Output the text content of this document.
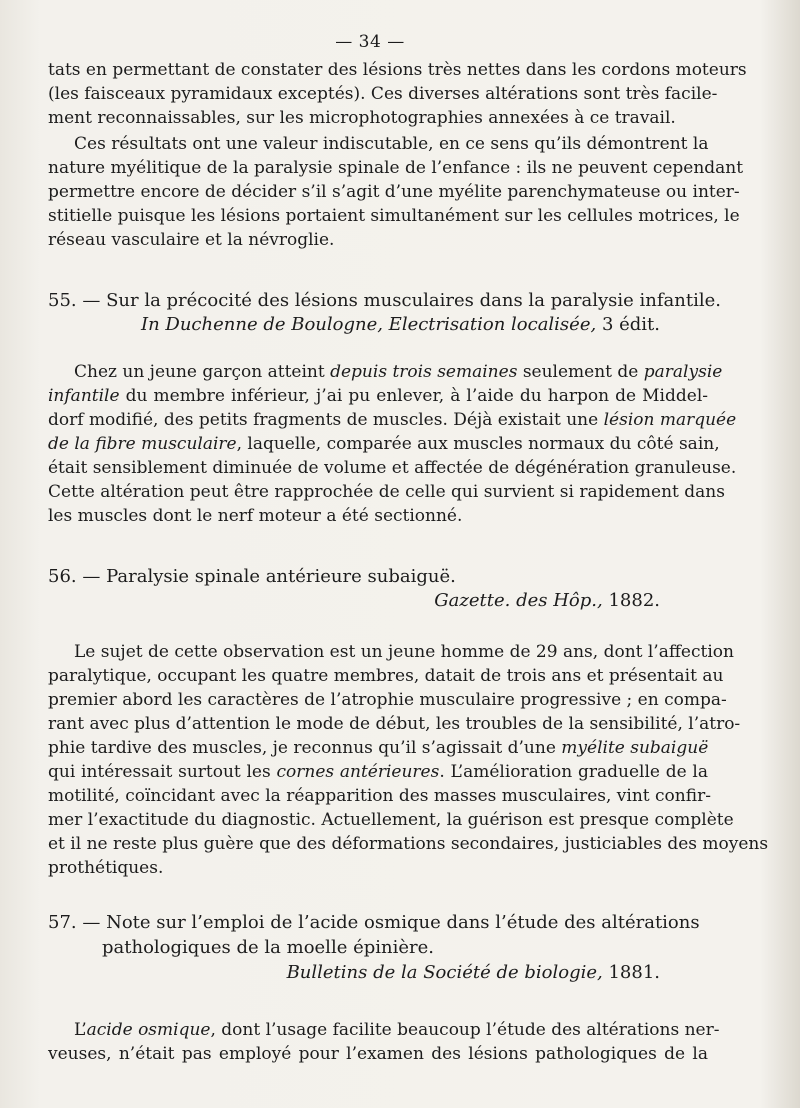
— 34 —
tats en permettant de constater des lésions très nettes dans les cordons moteurs
(les faisceaux pyramidaux exceptés). Ces diverses altérations sont très facile-
ment reconnaissables, sur les microphotographies annexées à ce travail.
Ces résultats ont une valeur indiscutable, en ce sens qu’ils démontrent la
nature myélitique de la paralysie spinale de l’enfance : ils ne peuvent cependant
permettre encore de décider s’il s’agit d’une myélite parenchymateuse ou inter-
stitielle puisque les lésions portaient simultanément sur les cellules motrices, le
réseau vasculaire et la névroglie.
55. — Sur la précocité des lésions musculaires dans la paralysie infantile.
In Duchenne de Boulogne, Electrisation localisée, 3 édit.
Chez un jeune garçon atteint depuis trois semaines seulement de paralysie
infantile du membre inférieur, j’ai pu enlever, à l’aide du harpon de Middel-
dorf modifié, des petits fragments de muscles. Déjà existait une lésion marquée
de la fibre musculaire, laquelle, comparée aux muscles normaux du côté sain,
était sensiblement diminuée de volume et affectée de dégénération granuleuse.
Cette altération peut être rapprochée de celle qui survient si rapidement dans
les muscles dont le nerf moteur a été sectionné.
56. — Paralysie spinale antérieure subaiguë.
Gazette. des Hôp., 1882.
Le sujet de cette observation est un jeune homme de 29 ans, dont l’affection
paralytique, occupant les quatre membres, datait de trois ans et présentait au
premier abord les caractères de l’atrophie musculaire progressive ; en compa-
rant avec plus d’attention le mode de début, les troubles de la sensibilité, l’atro-
phie tardive des muscles, je reconnus qu’il s’agissait d’une myélite subaiguë
qui intéressait surtout les cornes antérieures. L’amélioration graduelle de la
motilité, coïncidant avec la réapparition des masses musculaires, vint confir-
mer l’exactitude du diagnostic. Actuellement, la guérison est presque complète
et il ne reste plus guère que des déformations secondaires, justiciables des moyens
prothétiques.
57. — Note sur l’emploi de l’acide osmique dans l’étude des altérations
pathologiques de la moelle épinière.
Bulletins de la Société de biologie, 1881.
L’acide osmique, dont l’usage facilite beaucoup l’étude des altérations ner-
veuses, n’était pas employé pour l’examen des lésions pathologiques de la
